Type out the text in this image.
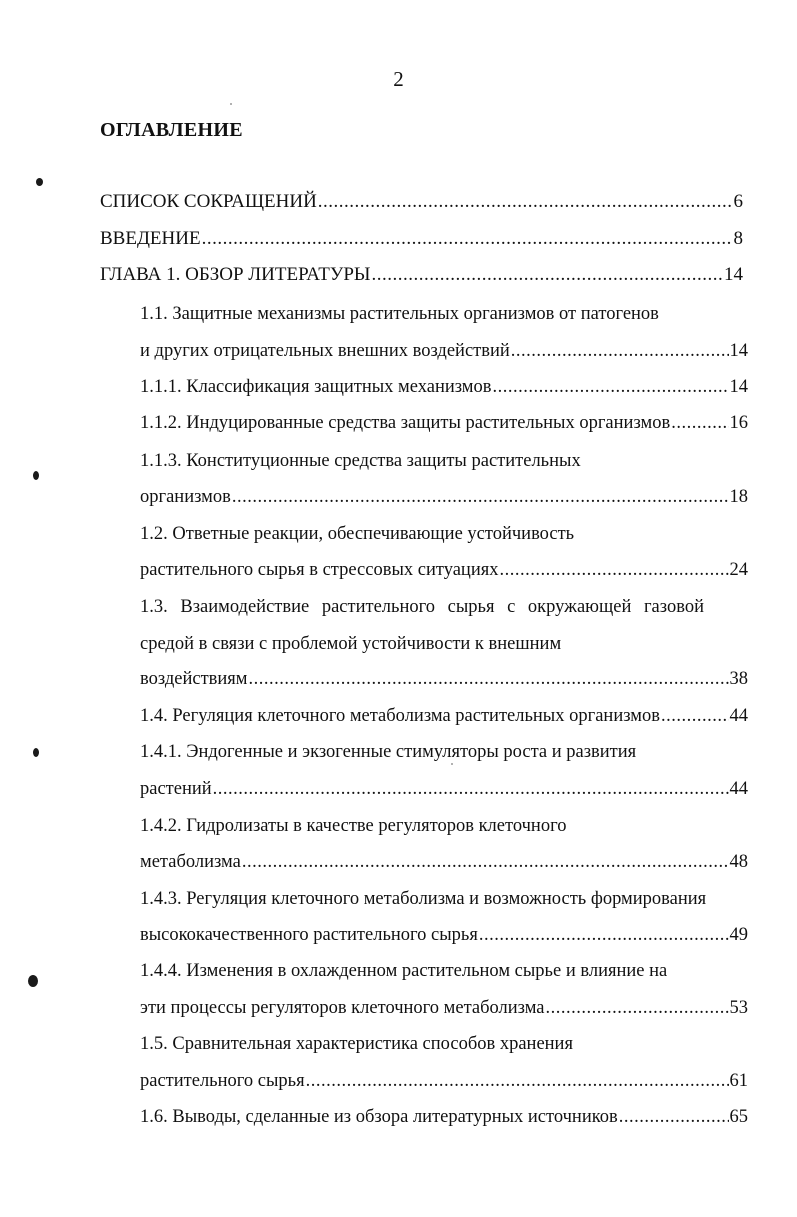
2
ОГЛАВЛЕНИЕ
СПИСОК СОКРАЩЕНИЙ .....	6
ВВЕДЕНИЕ .....	8
ГЛАВА 1. ОБЗОР ЛИТЕРАТУРЫ .....	14
1.1. Защитные механизмы растительных организмов от патогенов
и других отрицательных внешних воздействий .....	14
1.1.1. Классификация защитных механизмов .....	14
1.1.2. Индуцированные средства защиты растительных организмов .....	16
1.1.3. Конституционные средства защиты растительных
организмов .....	18
1.2. Ответные реакции, обеспечивающие устойчивость
растительного сырья в стрессовых ситуациях .....	24
1.3. Взаимодействие растительного сырья с окружающей газовой
средой в связи с проблемой устойчивости к внешним
воздействиям .....	38
1.4. Регуляция клеточного метаболизма растительных организмов .....	44
1.4.1. Эндогенные и экзогенные стимуляторы роста и развития
растений .....	44
1.4.2. Гидролизаты в качестве регуляторов клеточного
метаболизма .....	48
1.4.3. Регуляция клеточного метаболизма и возможность формирования
высококачественного растительного сырья .....	49
1.4.4. Изменения в охлажденном растительном сырье и влияние на
эти процессы регуляторов клеточного метаболизма .....	53
1.5. Сравнительная характеристика способов хранения
растительного сырья .....	61
1.6. Выводы, сделанные из обзора литературных источников .....	65
